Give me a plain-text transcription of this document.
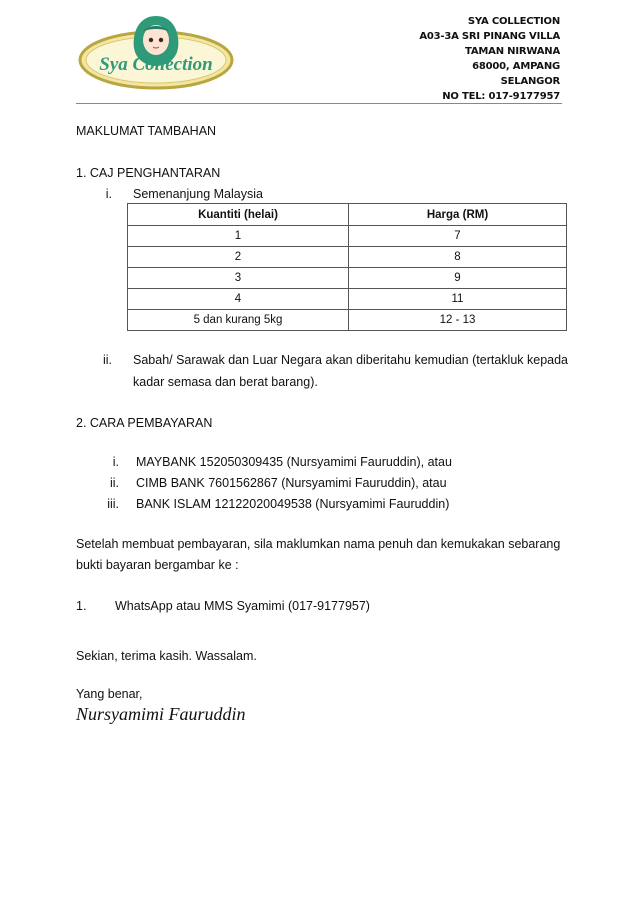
Sya Collection
SYA COLLECTION
A03-3A SRI PINANG VILLA
TAMAN NIRWANA
68000, AMPANG
SELANGOR
NO TEL: 017-9177957
MAKLUMAT TAMBAHAN
1. CAJ PENGHANTARAN
i. Semenanjung Malaysia
Kuantiti (helai)	Harga (RM)
1	7
2	8
3	9
4	11
5 dan kurang 5kg	12 - 13
ii. Sabah/ Sarawak dan Luar Negara akan diberitahu kemudian (tertakluk kepada
kadar semasa dan berat barang).
2. CARA PEMBAYARAN
i. MAYBANK 152050309435 (Nursyamimi Fauruddin), atau
ii. CIMB BANK 7601562867 (Nursyamimi Fauruddin), atau
iii. BANK ISLAM 12122020049538 (Nursyamimi Fauruddin)
Setelah membuat pembayaran, sila maklumkan nama penuh dan kemukakan sebarang
bukti bayaran bergambar ke :
1. WhatsApp atau MMS Syamimi (017-9177957)
Sekian, terima kasih. Wassalam.
Yang benar,
Nursyamimi Fauruddin
